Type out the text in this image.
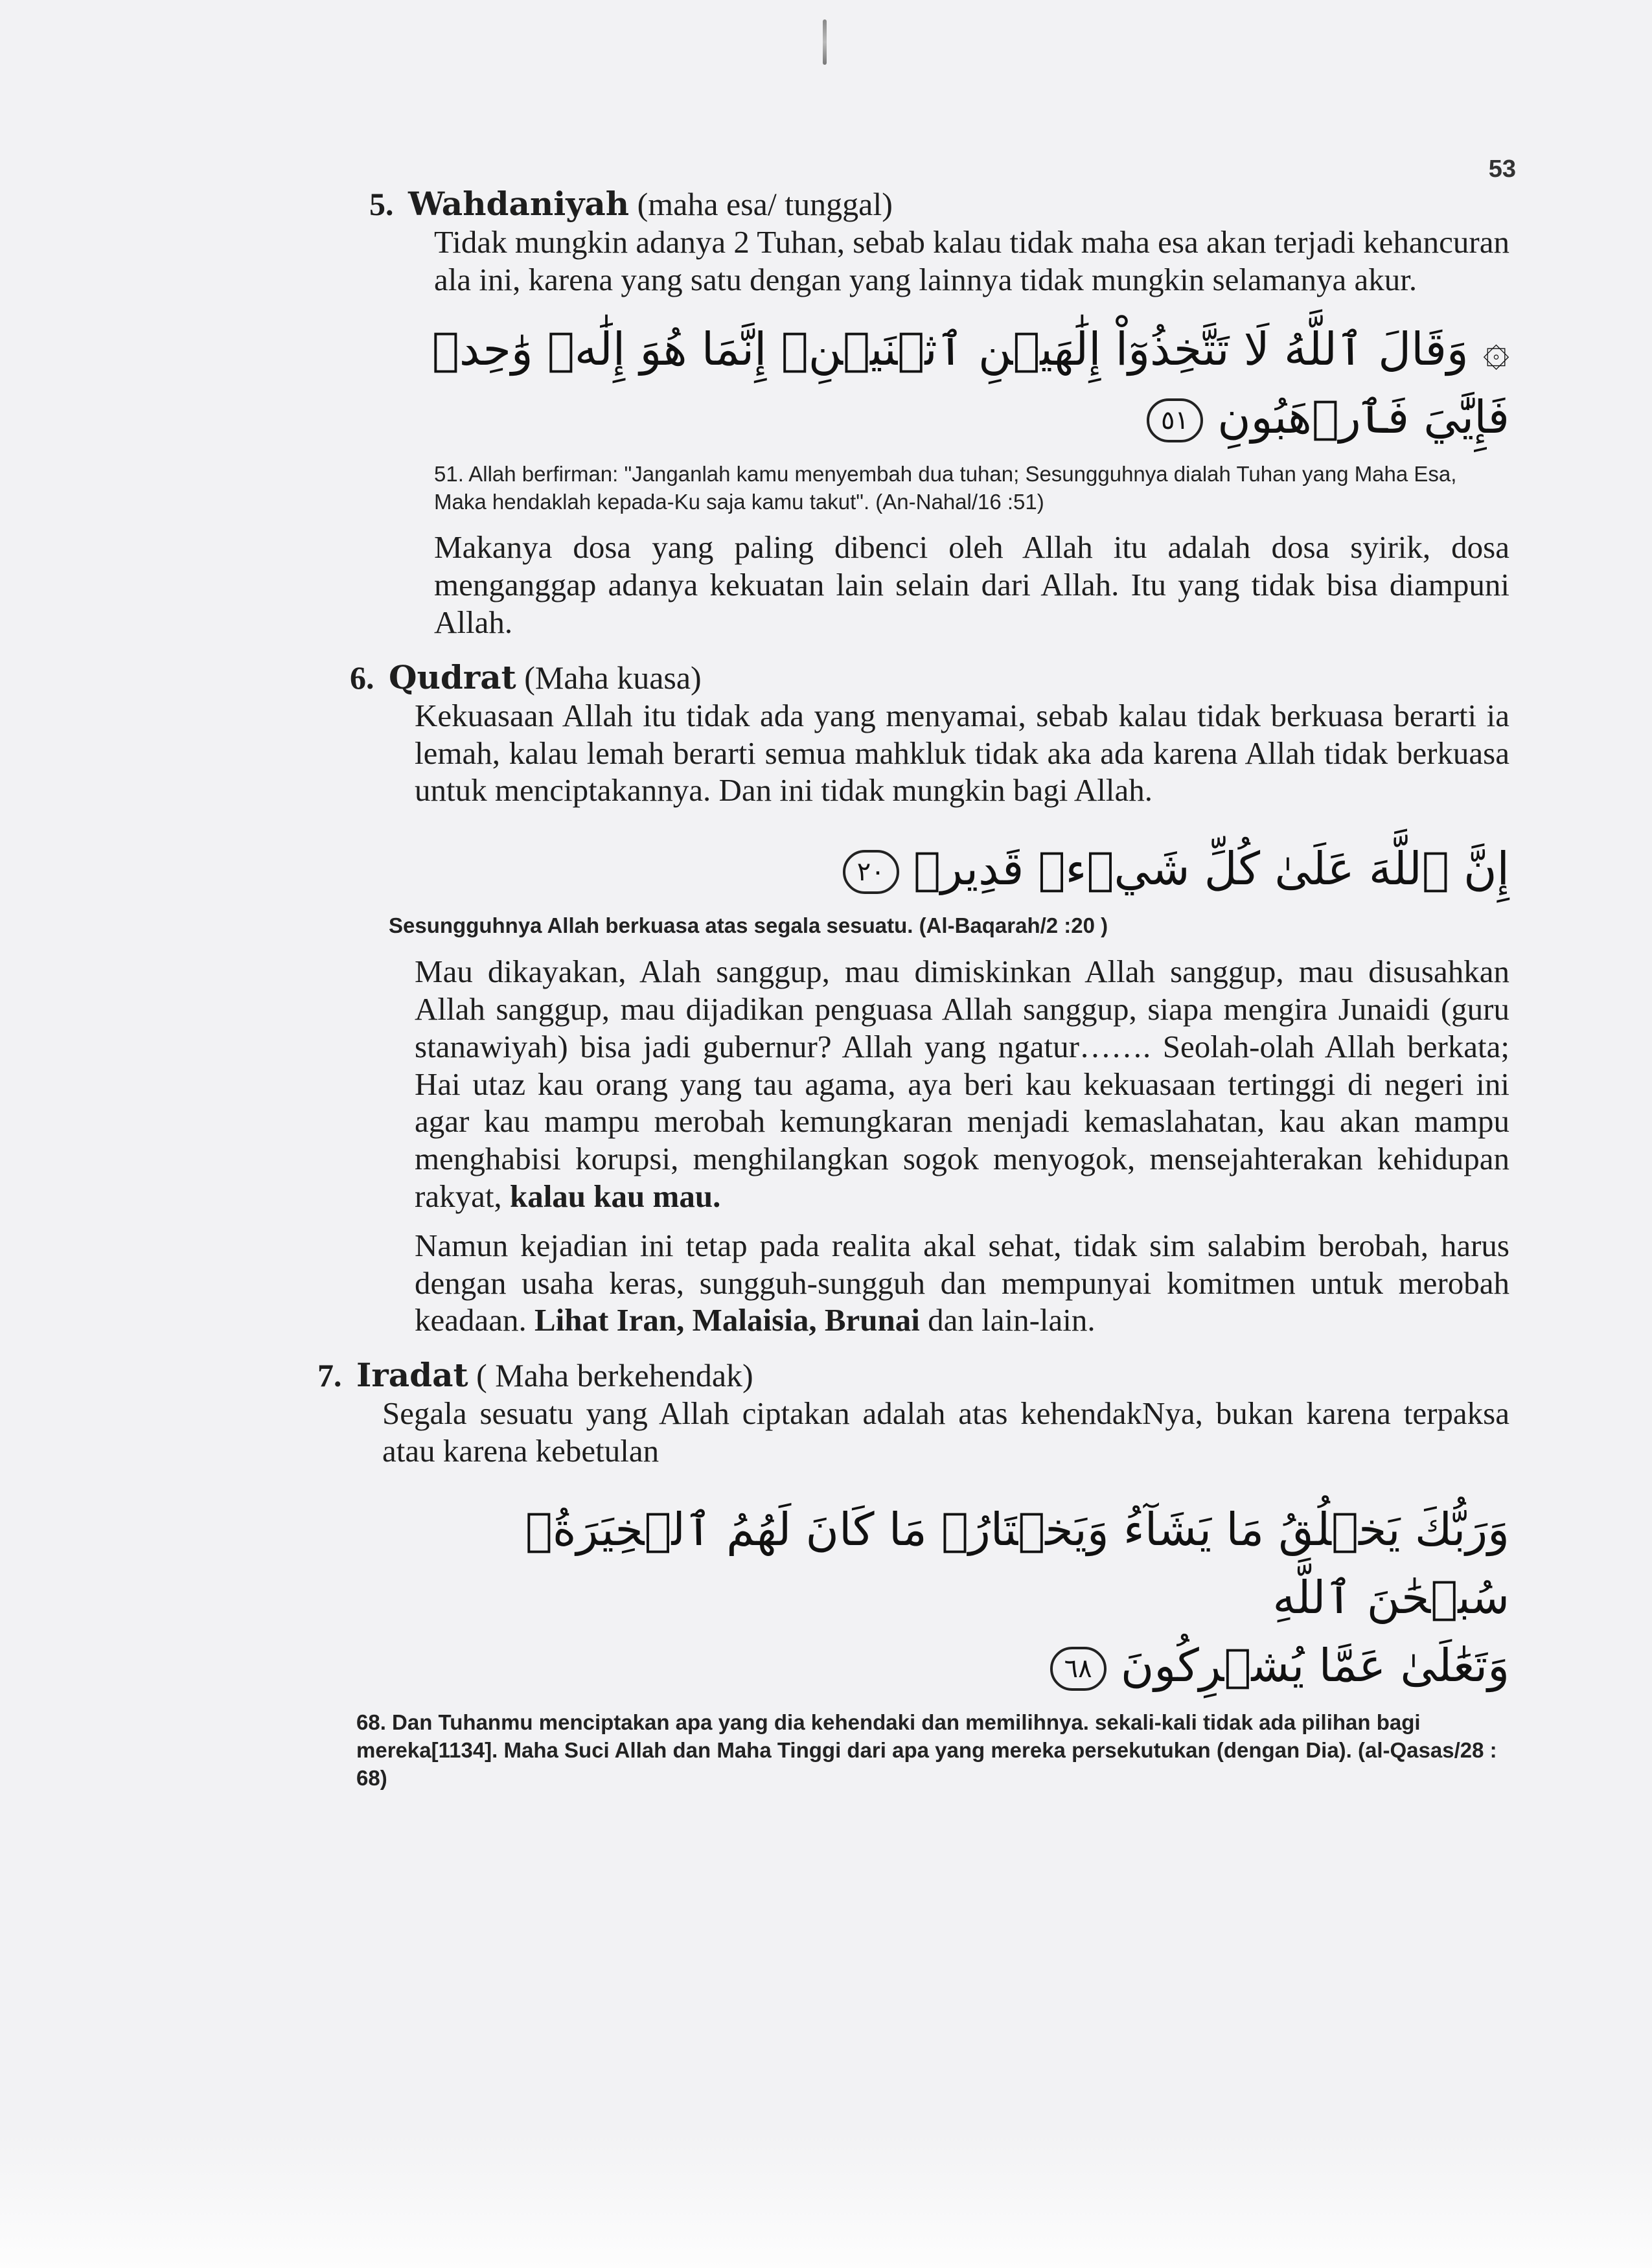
53

5. Wahdaniyah (maha esa/ tunggal)

Tidak mungkin adanya 2 Tuhan, sebab kalau tidak maha esa akan terjadi kehancuran ala ini, karena yang satu dengan yang lainnya tidak mungkin selamanya akur.

۞ وَقَالَ ٱللَّهُ لَا تَتَّخِذُوٓاْ إِلَٰهَيۡنِ ٱثۡنَيۡنِۖ إِنَّمَا هُوَ إِلَٰهٞ وَٰحِدٞ فَإِيَّٰيَ فَٱرۡهَبُونِ ٥١

51. Allah berfirman: "Janganlah kamu menyembah dua tuhan; Sesungguhnya dialah Tuhan yang Maha Esa, Maka hendaklah kepada-Ku saja kamu takut". (An-Nahal/16 :51)

Makanya dosa yang paling dibenci oleh Allah itu adalah dosa syirik, dosa menganggap adanya kekuatan lain selain dari Allah. Itu yang tidak bisa diampuni Allah.

6. Qudrat (Maha kuasa)

Kekuasaan Allah itu tidak ada yang menyamai, sebab kalau tidak berkuasa berarti ia lemah, kalau lemah berarti semua mahkluk tidak aka ada karena Allah tidak berkuasa untuk menciptakannya. Dan ini tidak mungkin bagi Allah.

إِنَّ ٱللَّهَ عَلَىٰ كُلِّ شَيۡءٖ قَدِيرٞ ٢٠

Sesungguhnya Allah berkuasa atas segala sesuatu. (Al-Baqarah/2 :20 )

Mau dikayakan, Alah sanggup, mau dimiskinkan Allah sanggup, mau disusahkan Allah sanggup, mau dijadikan penguasa Allah sanggup, siapa mengira Junaidi (guru stanawiyah) bisa jadi gubernur? Allah yang ngatur……. Seolah-olah Allah berkata; Hai utaz kau orang yang tau agama, aya beri kau kekuasaan tertinggi di negeri ini agar kau mampu merobah kemungkaran menjadi kemaslahatan, kau akan mampu menghabisi korupsi, menghilangkan sogok menyogok, mensejahterakan kehidupan rakyat, kalau kau mau.

Namun kejadian ini tetap pada realita akal sehat, tidak sim salabim berobah, harus dengan usaha keras, sungguh-sungguh dan mempunyai komitmen untuk merobah keadaan. Lihat Iran, Malaisia, Brunai dan lain-lain.

7. Iradat ( Maha berkehendak)

Segala sesuatu yang Allah ciptakan adalah atas kehendakNya, bukan karena terpaksa atau karena kebetulan

وَرَبُّكَ يَخۡلُقُ مَا يَشَآءُ وَيَخۡتَارُۗ مَا كَانَ لَهُمُ ٱلۡخِيَرَةُۚ سُبۡحَٰنَ ٱللَّهِ
وَتَعَٰلَىٰ عَمَّا يُشۡرِكُونَ ٦٨

68. Dan Tuhanmu menciptakan apa yang dia kehendaki dan memilihnya. sekali-kali tidak ada pilihan bagi mereka[1134]. Maha Suci Allah dan Maha Tinggi dari apa yang mereka persekutukan (dengan Dia). (al-Qasas/28 : 68)
